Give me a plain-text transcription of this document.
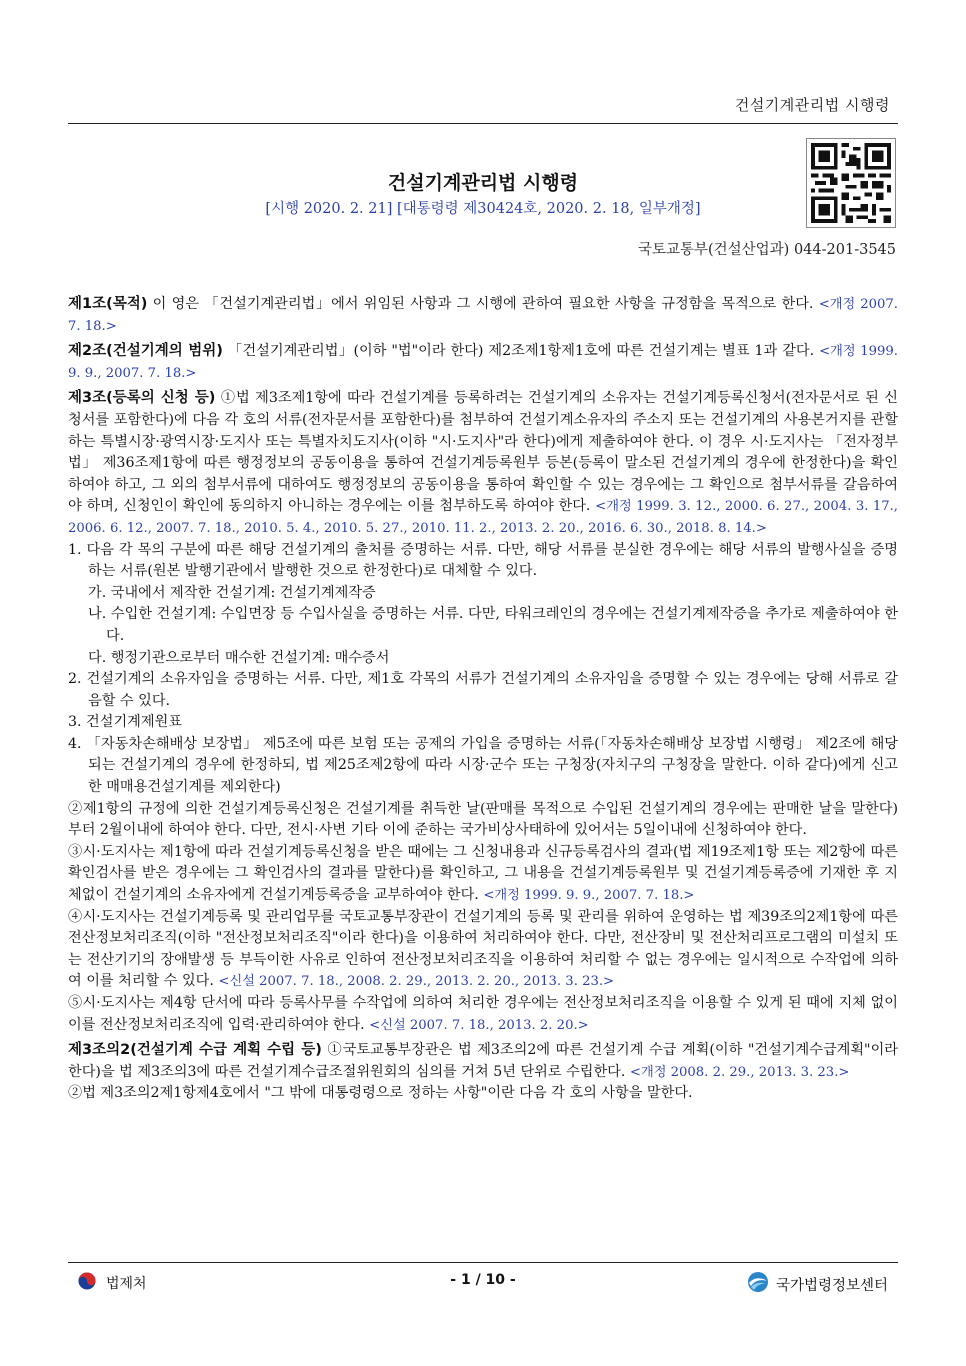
건설기계관리법 시행령
건설기계관리법 시행령
[시행 2020. 2. 21] [대통령령 제30424호, 2020. 2. 18, 일부개정]
국토교통부(건설산업과) 044-201-3545

제1조(목적) 이 영은 「건설기계관리법」에서 위임된 사항과 그 시행에 관하여 필요한 사항을 규정함을 목적으로 한다. <개정 2007. 7. 18.>

제2조(건설기계의 범위) 「건설기계관리법」(이하 "법"이라 한다) 제2조제1항제1호에 따른 건설기계는 별표 1과 같다. <개정 1999. 9. 9., 2007. 7. 18.>

제3조(등록의 신청 등) ①법 제3조제1항에 따라 건설기계를 등록하려는 건설기계의 소유자는 건설기계등록신청서(전자문서로 된 신청서를 포함한다)에 다음 각 호의 서류(전자문서를 포함한다)를 첨부하여 건설기계소유자의 주소지 또는 건설기계의 사용본거지를 관할하는 특별시장·광역시장·도지사 또는 특별자치도지사(이하 "시·도지사"라 한다)에게 제출하여야 한다. 이 경우 시·도지사는 「전자정부법」 제36조제1항에 따른 행정정보의 공동이용을 통하여 건설기계등록원부 등본(등록이 말소된 건설기계의 경우에 한정한다)을 확인하여야 하고, 그 외의 첨부서류에 대하여도 행정정보의 공동이용을 통하여 확인할 수 있는 경우에는 그 확인으로 첨부서류를 갈음하여야 하며, 신청인이 확인에 동의하지 아니하는 경우에는 이를 첨부하도록 하여야 한다. <개정 1999. 3. 12., 2000. 6. 27., 2004. 3. 17., 2006. 6. 12., 2007. 7. 18., 2010. 5. 4., 2010. 5. 27., 2010. 11. 2., 2013. 2. 20., 2016. 6. 30., 2018. 8. 14.>

1. 다음 각 목의 구분에 따른 해당 건설기계의 출처를 증명하는 서류. 다만, 해당 서류를 분실한 경우에는 해당 서류의 발행사실을 증명하는 서류(원본 발행기관에서 발행한 것으로 한정한다)로 대체할 수 있다.

가. 국내에서 제작한 건설기계: 건설기계제작증

나. 수입한 건설기계: 수입면장 등 수입사실을 증명하는 서류. 다만, 타워크레인의 경우에는 건설기계제작증을 추가로 제출하여야 한다.

다. 행정기관으로부터 매수한 건설기계: 매수증서

2. 건설기계의 소유자임을 증명하는 서류. 다만, 제1호 각목의 서류가 건설기계의 소유자임을 증명할 수 있는 경우에는 당해 서류로 갈음할 수 있다.

3. 건설기계제원표

4. 「자동차손해배상 보장법」 제5조에 따른 보험 또는 공제의 가입을 증명하는 서류(「자동차손해배상 보장법 시행령」 제2조에 해당되는 건설기계의 경우에 한정하되, 법 제25조제2항에 따라 시장·군수 또는 구청장(자치구의 구청장을 말한다. 이하 같다)에게 신고한 매매용건설기계를 제외한다)

②제1항의 규정에 의한 건설기계등록신청은 건설기계를 취득한 날(판매를 목적으로 수입된 건설기계의 경우에는 판매한 날을 말한다)부터 2월이내에 하여야 한다. 다만, 전시·사변 기타 이에 준하는 국가비상사태하에 있어서는 5일이내에 신청하여야 한다.

③시·도지사는 제1항에 따라 건설기계등록신청을 받은 때에는 그 신청내용과 신규등록검사의 결과(법 제19조제1항 또는 제2항에 따른 확인검사를 받은 경우에는 그 확인검사의 결과를 말한다)를 확인하고, 그 내용을 건설기계등록원부 및 건설기계등록증에 기재한 후 지체없이 건설기계의 소유자에게 건설기계등록증을 교부하여야 한다. <개정 1999. 9. 9., 2007. 7. 18.>

④시·도지사는 건설기계등록 및 관리업무를 국토교통부장관이 건설기계의 등록 및 관리를 위하여 운영하는 법 제39조의2제1항에 따른 전산정보처리조직(이하 "전산정보처리조직"이라 한다)을 이용하여 처리하여야 한다. 다만, 전산장비 및 전산처리프로그램의 미설치 또는 전산기기의 장애발생 등 부득이한 사유로 인하여 전산정보처리조직을 이용하여 처리할 수 없는 경우에는 일시적으로 수작업에 의하여 이를 처리할 수 있다. <신설 2007. 7. 18., 2008. 2. 29., 2013. 2. 20., 2013. 3. 23.>

⑤시·도지사는 제4항 단서에 따라 등록사무를 수작업에 의하여 처리한 경우에는 전산정보처리조직을 이용할 수 있게 된 때에 지체 없이 이를 전산정보처리조직에 입력·관리하여야 한다. <신설 2007. 7. 18., 2013. 2. 20.>

제3조의2(건설기계 수급 계획 수립 등) ①국토교통부장관은 법 제3조의2에 따른 건설기계 수급 계획(이하 "건설기계수급계획"이라 한다)을 법 제3조의3에 따른 건설기계수급조절위원회의 심의를 거쳐 5년 단위로 수립한다. <개정 2008. 2. 29., 2013. 3. 23.>

②법 제3조의2제1항제4호에서 "그 밖에 대통령령으로 정하는 사항"이란 다음 각 호의 사항을 말한다.

법제처	- 1 / 10 -	국가법령정보센터
